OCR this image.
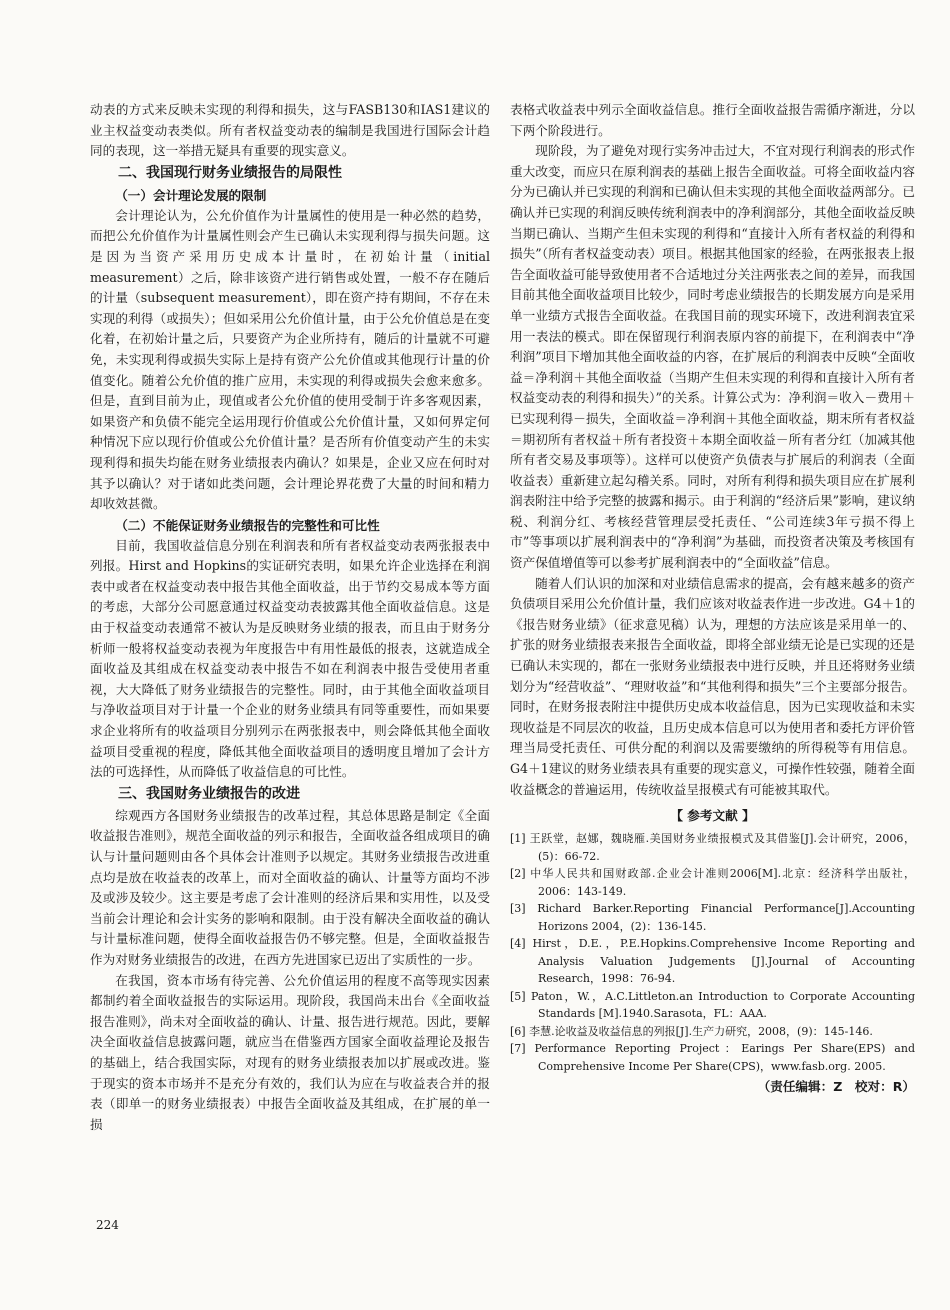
动表的方式来反映未实现的利得和损失，这与FASB130和IAS1建议的业主权益变动表类似。所有者权益变动表的编制是我国进行国际会计趋同的表现，这一举措无疑具有重要的现实意义。

二、我国现行财务业绩报告的局限性
（一）会计理论发展的限制

会计理论认为，公允价值作为计量属性的使用是一种必然的趋势，而把公允价值作为计量属性则会产生已确认未实现利得与损失问题。这是因为当资产采用历史成本计量时，在初始计量（initial measurement）之后，除非该资产进行销售或处置，一般不存在随后的计量（subsequent measurement），即在资产持有期间，不存在未实现的利得（或损失）；但如采用公允价值计量，由于公允价值总是在变化着，在初始计量之后，只要资产为企业所持有，随后的计量就不可避免，未实现利得或损失实际上是持有资产公允价值或其他现行计量的价值变化。随着公允价值的推广应用，未实现的利得或损失会愈来愈多。但是，直到目前为止，现值或者公允价值的使用受制于许多客观因素，如果资产和负债不能完全运用现行价值或公允价值计量，又如何界定何种情况下应以现行价值或公允价值计量？是否所有价值变动产生的未实现利得和损失均能在财务业绩报表内确认？如果是，企业又应在何时对其予以确认？对于诸如此类问题，会计理论界花费了大量的时间和精力却收效甚微。

（二）不能保证财务业绩报告的完整性和可比性

目前，我国收益信息分别在利润表和所有者权益变动表两张报表中列报。Hirst and Hopkins的实证研究表明，如果允许企业选择在利润表中或者在权益变动表中报告其他全面收益，出于节约交易成本等方面的考虑，大部分公司愿意通过权益变动表披露其他全面收益信息。这是由于权益变动表通常不被认为是反映财务业绩的报表，而且由于财务分析师一般将权益变动表视为年度报告中有用性最低的报表，这就造成全面收益及其组成在权益变动表中报告不如在利润表中报告受使用者重视，大大降低了财务业绩报告的完整性。同时，由于其他全面收益项目与净收益项目对于计量一个企业的财务业绩具有同等重要性，而如果要求企业将所有的收益项目分别列示在两张报表中，则会降低其他全面收益项目受重视的程度，降低其他全面收益项目的透明度且增加了会计方法的可选择性，从而降低了收益信息的可比性。

三、我国财务业绩报告的改进

综观西方各国财务业绩报告的改革过程，其总体思路是制定《全面收益报告准则》，规范全面收益的列示和报告，全面收益各组成项目的确认与计量问题则由各个具体会计准则予以规定。其财务业绩报告改进重点均是放在收益表的改革上，而对全面收益的确认、计量等方面均不涉及或涉及较少。这主要是考虑了会计准则的经济后果和实用性，以及受当前会计理论和会计实务的影响和限制。由于没有解决全面收益的确认与计量标准问题，使得全面收益报告仍不够完整。但是，全面收益报告作为对财务业绩报告的改进，在西方先进国家已迈出了实质性的一步。

在我国，资本市场有待完善、公允价值运用的程度不高等现实因素都制约着全面收益报告的实际运用。现阶段，我国尚未出台《全面收益报告准则》，尚未对全面收益的确认、计量、报告进行规范。因此，要解决全面收益信息披露问题，就应当在借鉴西方国家全面收益理论及报告的基础上，结合我国实际，对现有的财务业绩报表加以扩展或改进。鉴于现实的资本市场并不是充分有效的，我们认为应在与收益表合并的报表（即单一的财务业绩报表）中报告全面收益及其组成，在扩展的单一损

表格式收益表中列示全面收益信息。推行全面收益报告需循序渐进，分以下两个阶段进行。

现阶段，为了避免对现行实务冲击过大，不宜对现行利润表的形式作重大改变，而应只在原利润表的基础上报告全面收益。可将全面收益内容分为已确认并已实现的利润和已确认但未实现的其他全面收益两部分。已确认并已实现的利润反映传统利润表中的净利润部分，其他全面收益反映当期已确认、当期产生但未实现的利得和“直接计入所有者权益的利得和损失”（所有者权益变动表）项目。根据其他国家的经验，在两张报表上报告全面收益可能导致使用者不合适地过分关注两张表之间的差异，而我国目前其他全面收益项目比较少，同时考虑业绩报告的长期发展方向是采用单一业绩方式报告全面收益。在我国目前的现实环境下，改进利润表宜采用一表法的模式。即在保留现行利润表原内容的前提下，在利润表中“净利润”项目下增加其他全面收益的内容，在扩展后的利润表中反映“全面收益＝净利润＋其他全面收益（当期产生但未实现的利得和直接计入所有者权益变动表的利得和损失）”的关系。计算公式为：净利润＝收入－费用＋已实现利得－损失，全面收益＝净利润＋其他全面收益，期末所有者权益＝期初所有者权益＋所有者投资＋本期全面收益－所有者分红（加减其他所有者交易及事项等）。这样可以使资产负债表与扩展后的利润表（全面收益表）重新建立起勾稽关系。同时，对所有利得和损失项目应在扩展利润表附注中给予完整的披露和揭示。由于利润的“经济后果”影响，建议纳税、利润分红、考核经营管理层受托责任、“公司连续3年亏损不得上市”等事项以扩展利润表中的“净利润”为基础，而投资者决策及考核国有资产保值增值等可以参考扩展利润表中的“全面收益”信息。

随着人们认识的加深和对业绩信息需求的提高，会有越来越多的资产负债项目采用公允价值计量，我们应该对收益表作进一步改进。G4＋1的《报告财务业绩》（征求意见稿）认为，理想的方法应该是采用单一的、扩张的财务业绩报表来报告全面收益，即将全部业绩无论是已实现的还是已确认未实现的，都在一张财务业绩报表中进行反映，并且还将财务业绩划分为“经营收益”、“理财收益”和“其他利得和损失”三个主要部分报告。同时，在财务报表附注中提供历史成本收益信息，因为已实现收益和未实现收益是不同层次的收益，且历史成本信息可以为使用者和委托方评价管理当局受托责任、可供分配的利润以及需要缴纳的所得税等有用信息。G4＋1建议的财务业绩表具有重要的现实意义，可操作性较强，随着全面收益概念的普遍运用，传统收益呈报模式有可能被其取代。

【 参考文献 】
[1] 王跃堂，赵娜，魏晓雁.美国财务业绩报模式及其借鉴[J].会计研究，2006，(5)：66-72.
[2] 中华人民共和国财政部.企业会计准则2006[M].北京：经济科学出版社，2006：143-149.
[3] Richard Barker.Reporting Financial Performance[J].Accounting Horizons 2004，(2)：136-145.
[4] Hirst，D.E.，P.E.Hopkins.Comprehensive Income Reporting and Analysis Valuation Judgements [J].Journal of Accounting Research，1998：76-94.
[5] Paton，W.，A.C.Littleton.an Introduction to Corporate Accounting Standards [M].1940.Sarasota，FL：AAA.
[6] 李慧.论收益及收益信息的列报[J].生产力研究，2008，(9)：145-146.
[7] Performance Reporting Project：Earings Per Share(EPS) and Comprehensive Income Per Share(CPS)，www.fasb.org. 2005.
（责任编辑：Z　校对：R）
224
